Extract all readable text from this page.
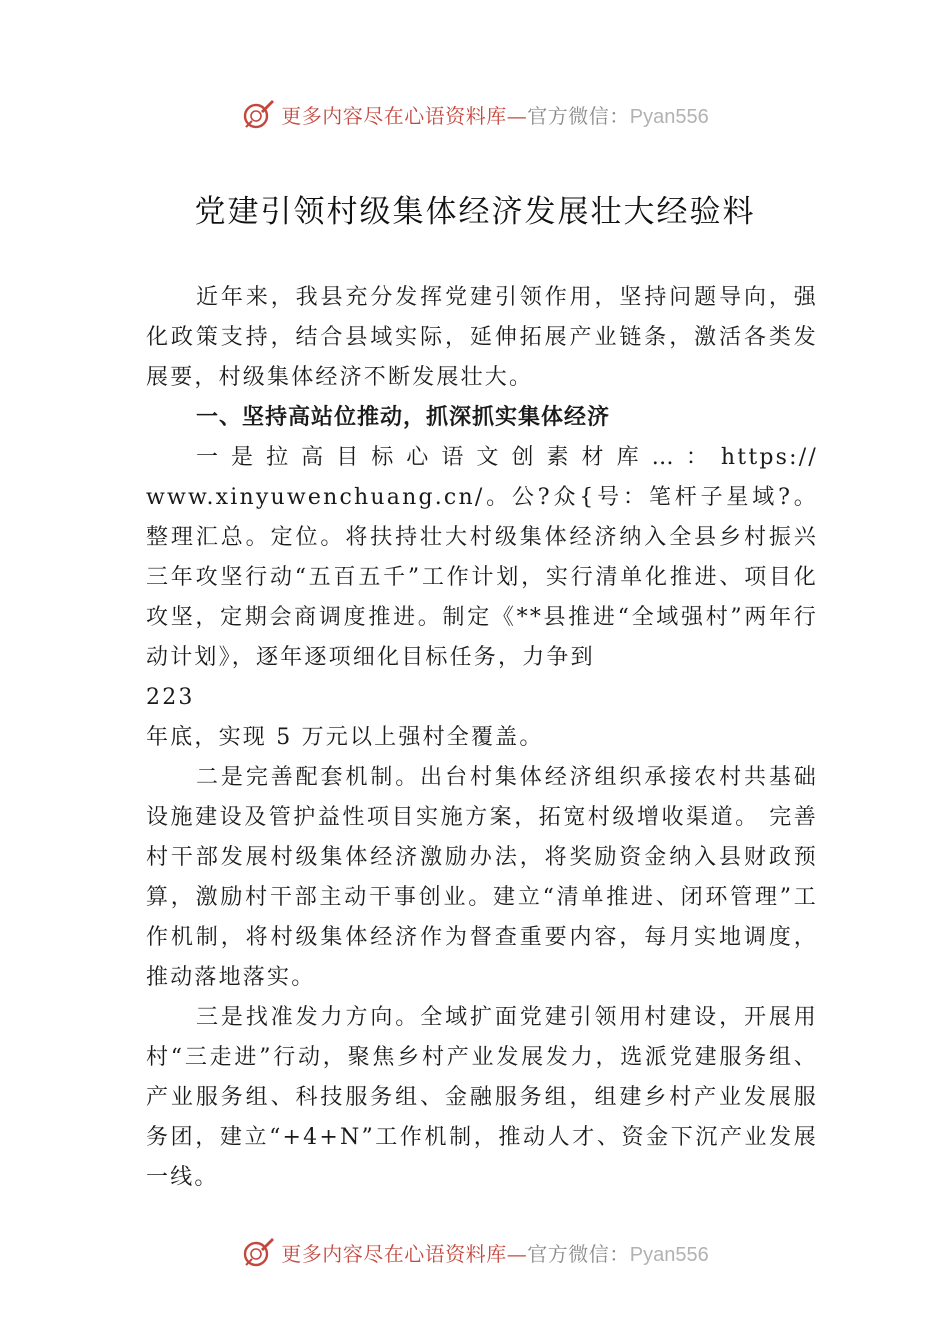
更多内容尽在心语资料库—官方微信：Pyan556
党建引领村级集体经济发展壮大经验料

近年来，我县充分发挥党建引领作用，坚持问题导向，强化政策支持，结合县域实际，延伸拓展产业链条，激活各类发展要，村级集体经济不断发展壮大。

一、坚持高站位推动，抓深抓实集体经济

一 是 拉 高 目 标 心 语 文 创 素 材 库 … ： https:// www.xinyuwenchuang.cn/。公?众{号：笔杆子星域?。整理汇总。定位。将扶持壮大村级集体经济纳入全县乡村振兴三年攻坚行动“五百五千”工作计划，实行清单化推进、项目化攻坚，定期会商调度推进。制定《**县推进“全域强村”两年行动计划》，逐年逐项细化目标任务，力争到

223

年底，实现 5 万元以上强村全覆盖。

二是完善配套机制。出台村集体经济组织承接农村共基础设施建设及管护益性项目实施方案，拓宽村级增收渠道。 完善村干部发展村级集体经济激励办法，将奖励资金纳入县财政预算，激励村干部主动干事创业。建立“清单推进、闭环管理”工作机制，将村级集体经济作为督查重要内容，每月实地调度，推动落地落实。

三是找准发力方向。全域扩面党建引领用村建设，开展用村“三走进”行动，聚焦乡村产业发展发力，选派党建服务组、产业服务组、科技服务组、金融服务组，组建乡村产业发展服务团，建立“+4+N”工作机制，推动人才、资金下沉产业发展一线。

更多内容尽在心语资料库—官方微信：Pyan556
